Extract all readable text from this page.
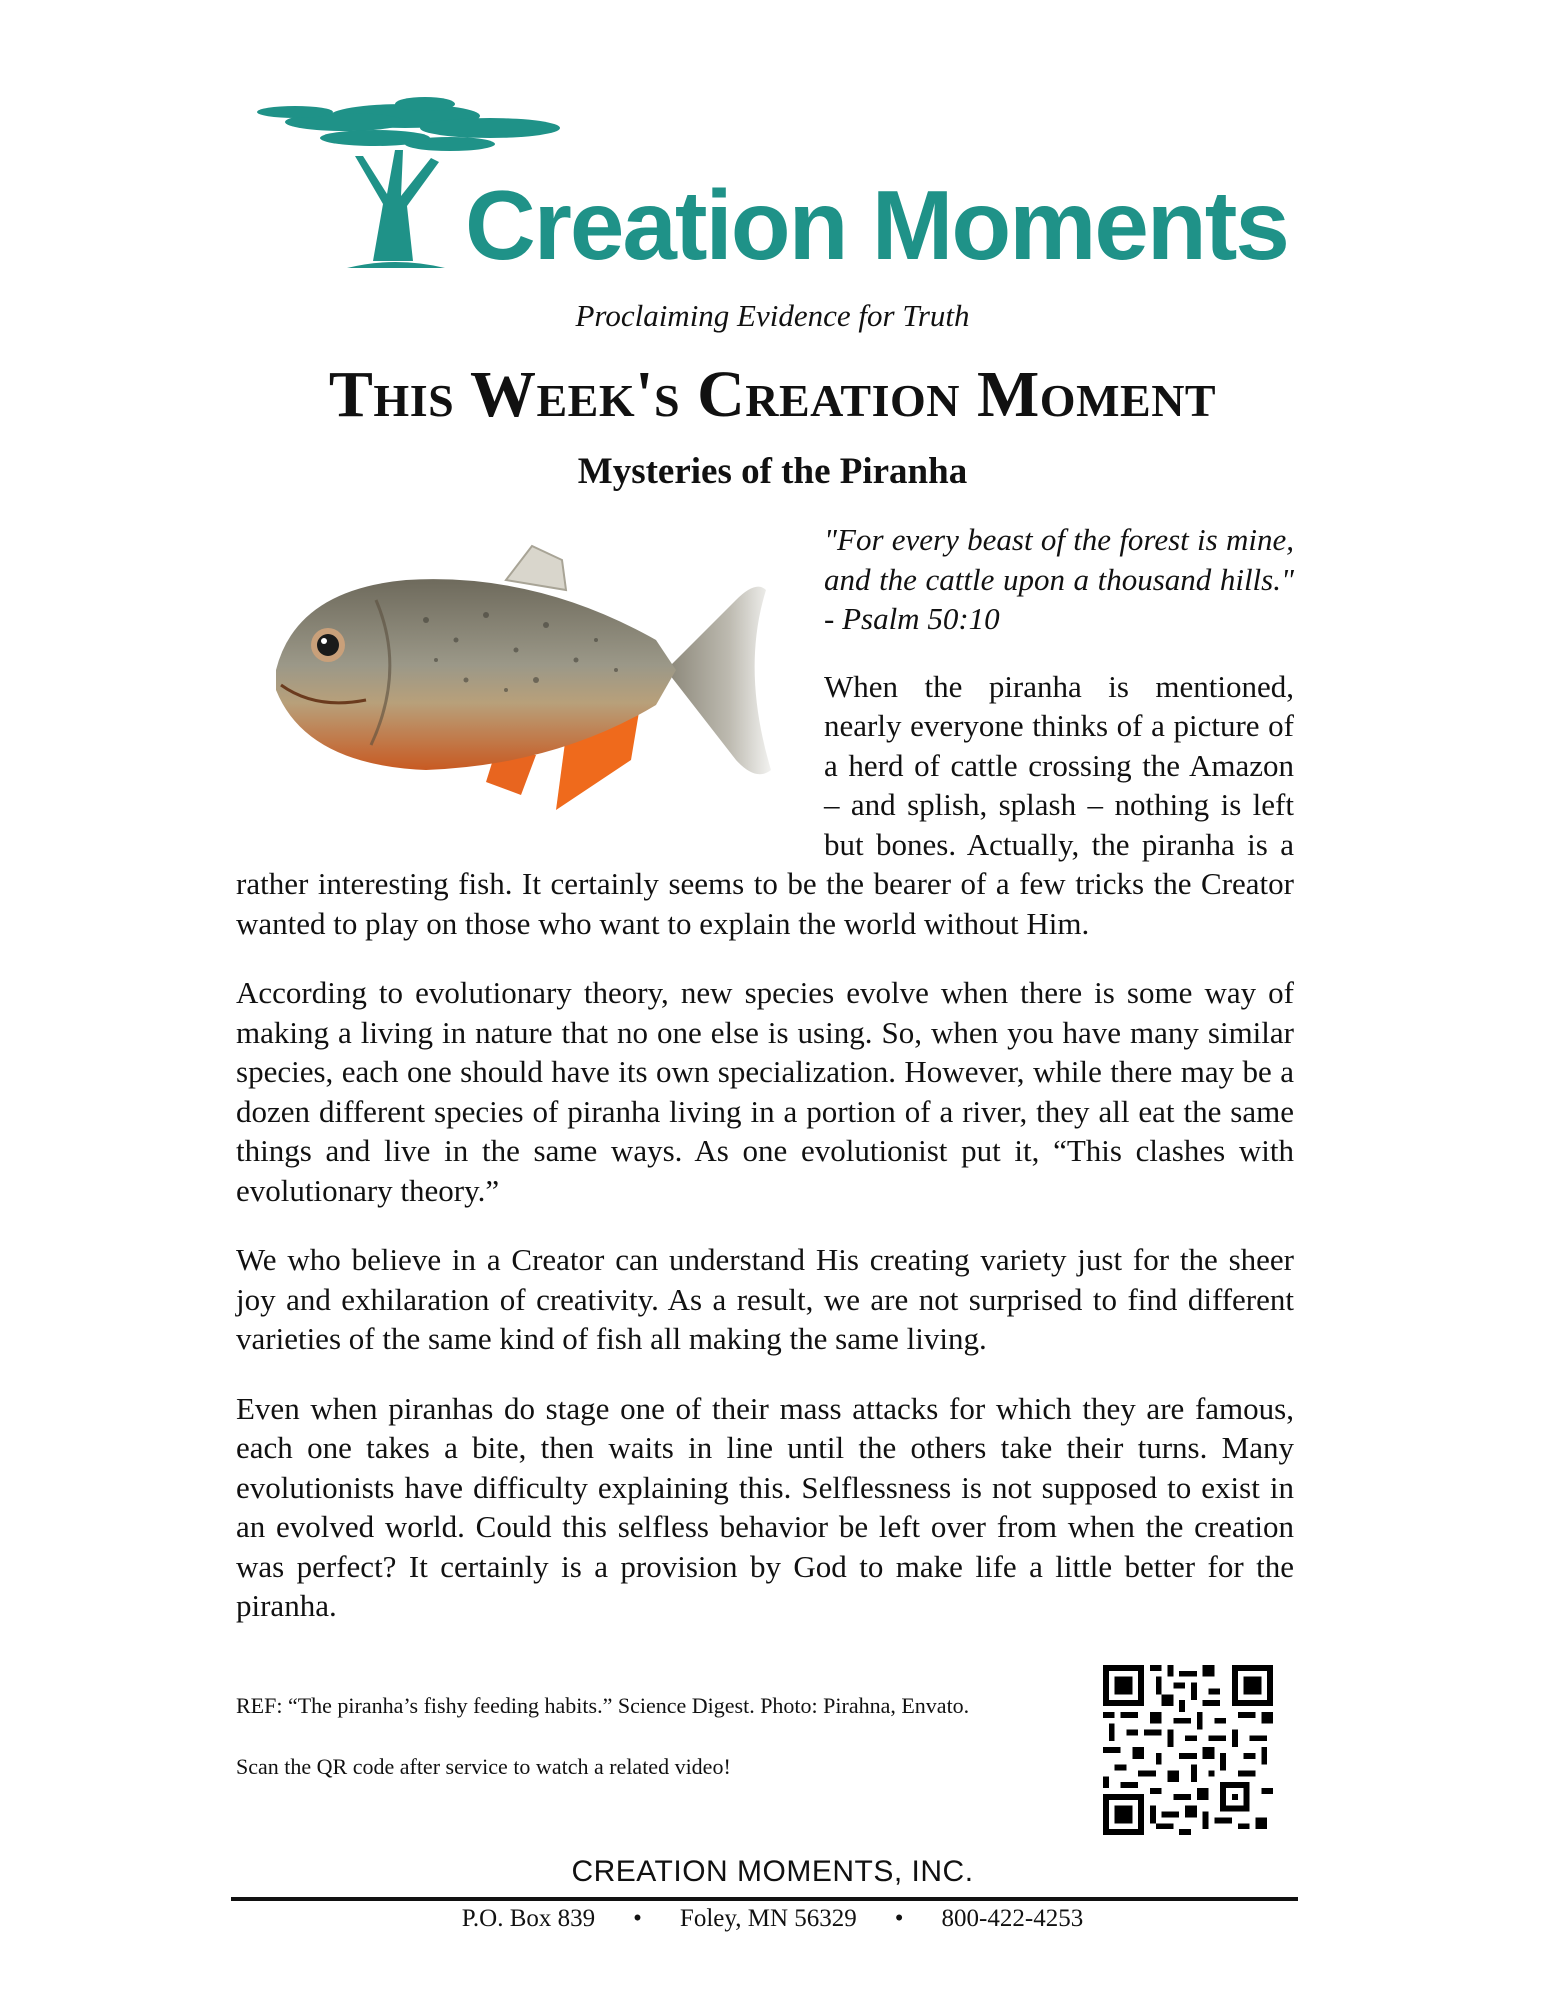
Creation Moments
Proclaiming Evidence for Truth
This Week's Creation Moment
Mysteries of the Piranha

"For every beast of the forest is mine, and the cattle upon a thousand hills." - Psalm 50:10

When the piranha is mentioned, nearly everyone thinks of a picture of a herd of cattle crossing the Amazon – and splish, splash – nothing is left but bones. Actually, the piranha is a rather interesting fish. It certainly seems to be the bearer of a few tricks the Creator wanted to play on those who want to explain the world without Him.

According to evolutionary theory, new species evolve when there is some way of making a living in nature that no one else is using. So, when you have many similar species, each one should have its own specialization. However, while there may be a dozen different species of piranha living in a portion of a river, they all eat the same things and live in the same ways. As one evolutionist put it, “This clashes with evolutionary theory.”

We who believe in a Creator can understand His creating variety just for the sheer joy and exhilaration of creativity. As a result, we are not surprised to find different varieties of the same kind of fish all making the same living.

Even when piranhas do stage one of their mass attacks for which they are famous, each one takes a bite, then waits in line until the others take their turns. Many evolutionists have difficulty explaining this. Selflessness is not supposed to exist in an evolved world. Could this selfless behavior be left over from when the creation was perfect? It certainly is a provision by God to make life a little better for the piranha.

REF: “The piranha’s fishy feeding habits.” Science Digest. Photo: Pirahna, Envato.

Scan the QR code after service to watch a related video!

CREATION MOMENTS, INC.
P.O. Box 839 • Foley, MN 56329 • 800-422-4253
